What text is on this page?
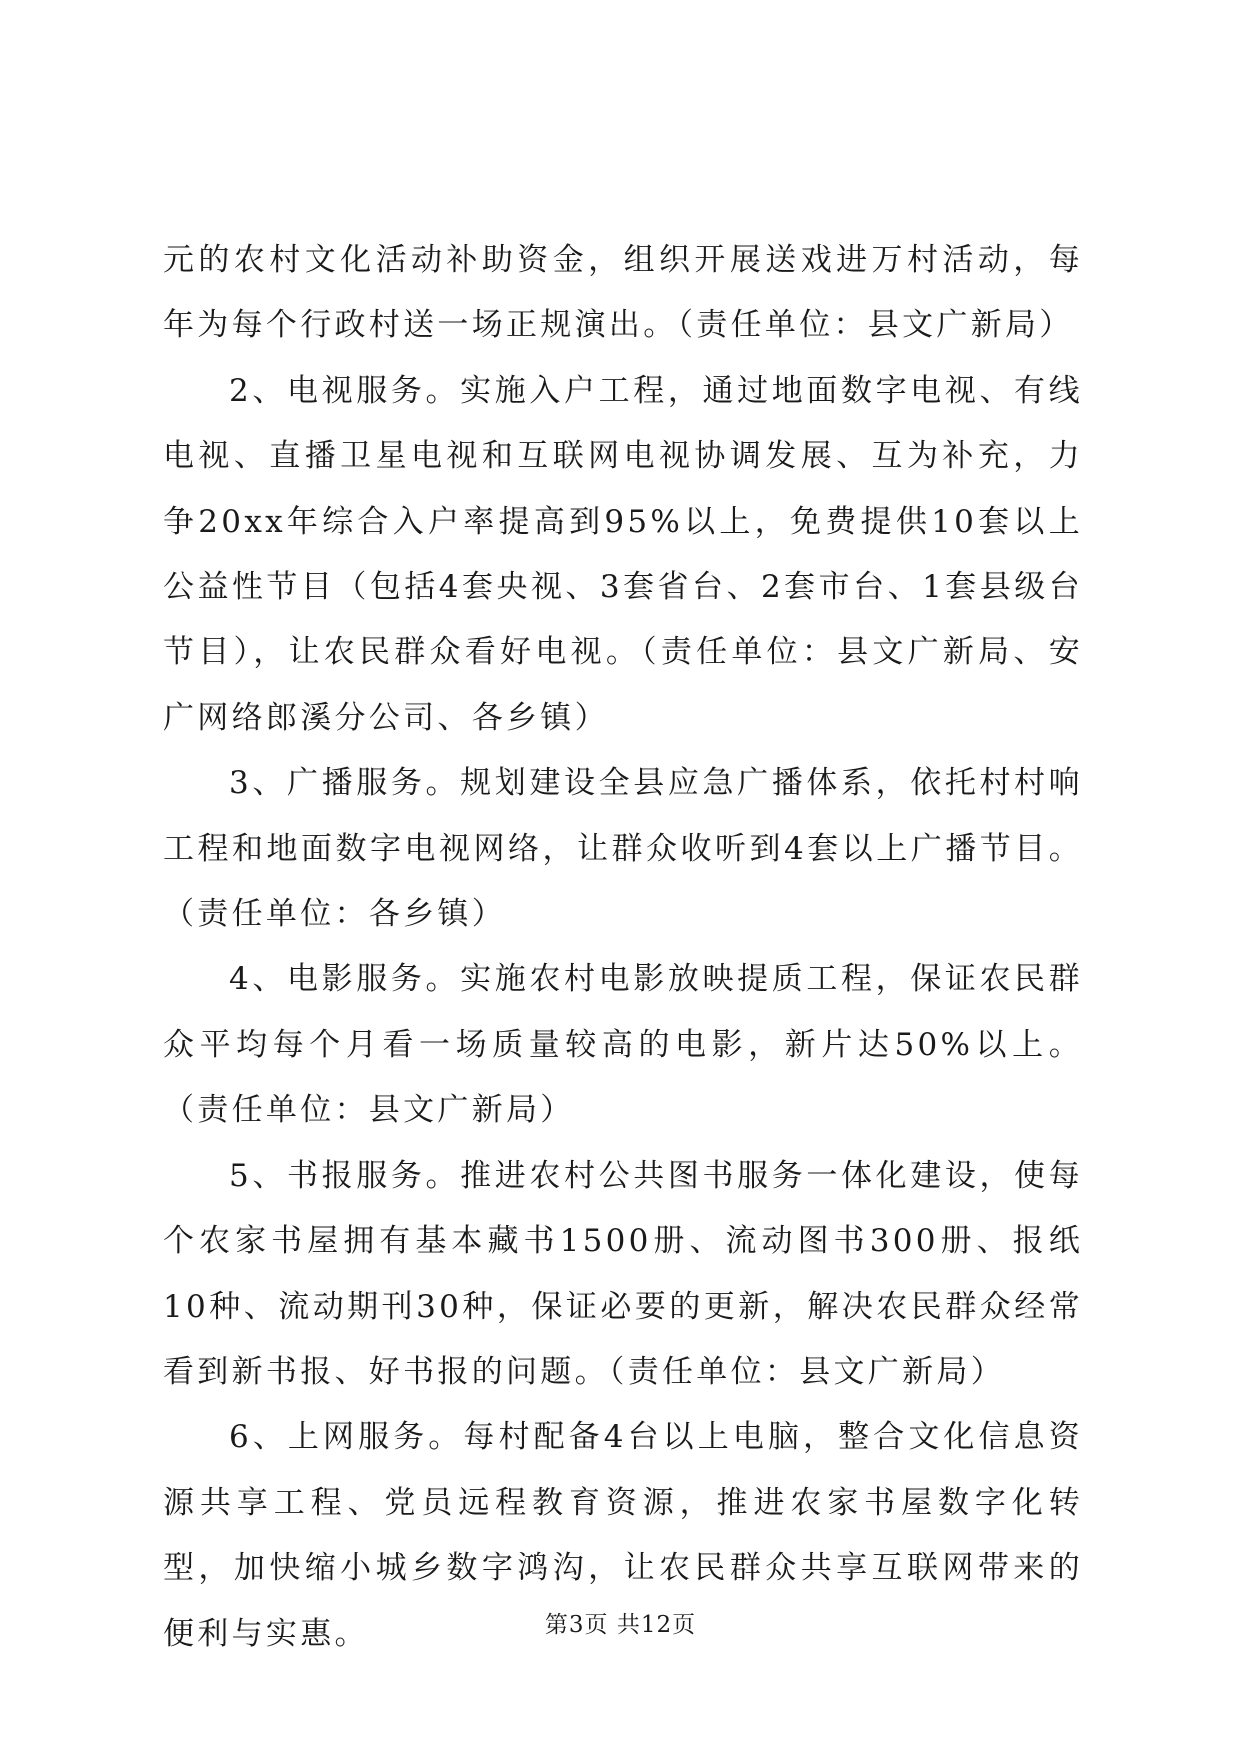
元的农村文化活动补助资金，组织开展送戏进万村活动，每年为每个行政村送一场正规演出。（责任单位：县文广新局）

2、电视服务。实施入户工程，通过地面数字电视、有线电视、直播卫星电视和互联网电视协调发展、互为补充，力争20xx年综合入户率提高到95%以上，免费提供10套以上公益性节目（包括4套央视、3套省台、2套市台、1套县级台节目），让农民群众看好电视。（责任单位：县文广新局、安广网络郎溪分公司、各乡镇）

3、广播服务。规划建设全县应急广播体系，依托村村响工程和地面数字电视网络，让群众收听到4套以上广播节目。（责任单位：各乡镇）

4、电影服务。实施农村电影放映提质工程，保证农民群众平均每个月看一场质量较高的电影，新片达50%以上。（责任单位：县文广新局）

5、书报服务。推进农村公共图书服务一体化建设，使每个农家书屋拥有基本藏书1500册、流动图书300册、报纸10种、流动期刊30种，保证必要的更新，解决农民群众经常看到新书报、好书报的问题。（责任单位：县文广新局）

6、上网服务。每村配备4台以上电脑，整合文化信息资源共享工程、党员远程教育资源，推进农家书屋数字化转型，加快缩小城乡数字鸿沟，让农民群众共享互联网带来的便利与实惠。	第3页 共12页
